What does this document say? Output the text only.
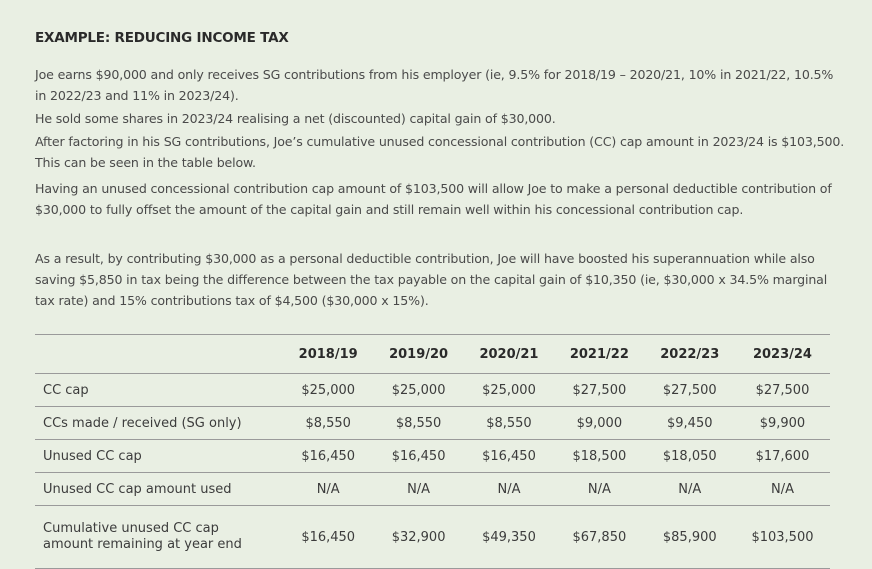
EXAMPLE: REDUCING INCOME TAX
Joe earns $90,000 and only receives SG contributions from his employer (ie, 9.5% for 2018/19 – 2020/21, 10% in 2021/22, 10.5% in 2022/23 and 11% in 2023/24).
He sold some shares in 2023/24 realising a net (discounted) capital gain of $30,000.
After factoring in his SG contributions, Joe’s cumulative unused concessional contribution (CC) cap amount in 2023/24 is $103,500. This can be seen in the table below.
Having an unused concessional contribution cap amount of $103,500 will allow Joe to make a personal deductible contribution of $30,000 to fully offset the amount of the capital gain and still remain well within his concessional contribution cap.
As a result, by contributing $30,000 as a personal deductible contribution, Joe will have boosted his superannuation while also saving $5,850 in tax being the difference between the tax payable on the capital gain of $10,350 (ie, $30,000 x 34.5% marginal tax rate) and 15% contributions tax of $4,500 ($30,000 x 15%).
	2018/19	2019/20	2020/21	2021/22	2022/23	2023/24
CC cap	$25,000	$25,000	$25,000	$27,500	$27,500	$27,500
CCs made / received (SG only)	$8,550	$8,550	$8,550	$9,000	$9,450	$9,900
Unused CC cap	$16,450	$16,450	$16,450	$18,500	$18,050	$17,600
Unused CC cap amount used	N/A	N/A	N/A	N/A	N/A	N/A
Cumulative unused CC cap
amount remaining at year end	$16,450	$32,900	$49,350	$67,850	$85,900	$103,500
